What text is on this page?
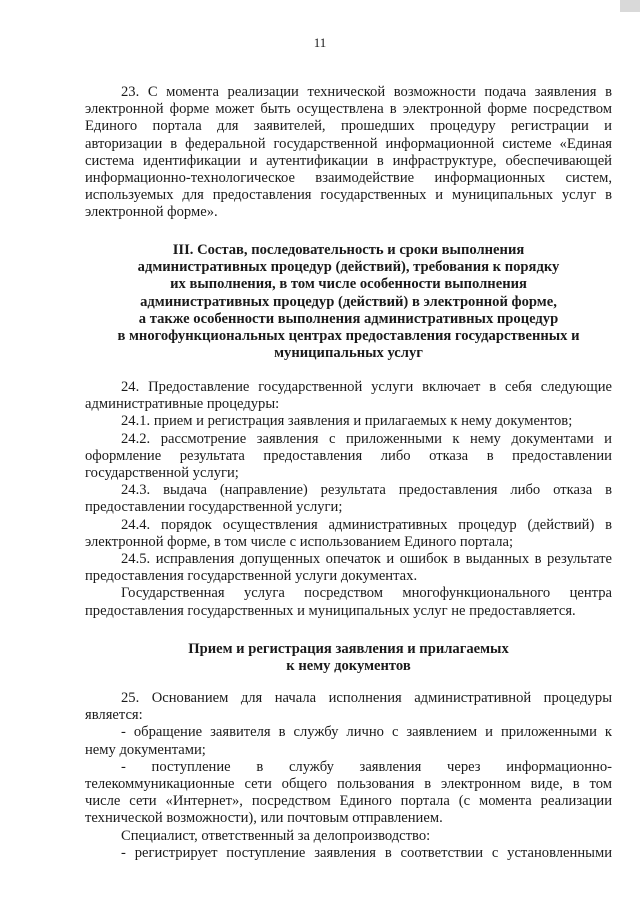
11
23. С момента реализации технической возможности подача заявления в
электронной форме может быть осуществлена в электронной форме посредством
Единого портала для заявителей, прошедших процедуру регистрации и
авторизации в федеральной государственной информационной системе «Единая
система идентификации и аутентификации в инфраструктуре, обеспечивающей
информационно-технологическое взаимодействие информационных систем,
используемых для предоставления государственных и муниципальных услуг в
электронной форме».
III. Состав, последовательность и сроки выполнения
административных процедур (действий), требования к порядку
их выполнения, в том числе особенности выполнения
административных процедур (действий) в электронной форме,
а также особенности выполнения административных процедур
в многофункциональных центрах предоставления государственных и
муниципальных услуг
24. Предоставление государственной услуги включает в себя следующие
административные процедуры:
24.1. прием и регистрация заявления и прилагаемых к нему документов;
24.2. рассмотрение заявления с приложенными к нему документами и
оформление результата предоставления либо отказа в предоставлении
государственной услуги;
24.3. выдача (направление) результата предоставления либо отказа в
предоставлении государственной услуги;
24.4. порядок осуществления административных процедур (действий) в
электронной форме, в том числе с использованием Единого портала;
24.5. исправления допущенных опечаток и ошибок в выданных в результате
предоставления государственной услуги документах.
Государственная услуга посредством многофункционального центра
предоставления государственных и муниципальных услуг не предоставляется.
Прием и регистрация заявления и прилагаемых
к нему документов
25. Основанием для начала исполнения административной процедуры
является:
- обращение заявителя в службу лично с заявлением и приложенными к
нему документами;
- поступление в службу заявления через информационно-
телекоммуникационные сети общего пользования в электронном виде, в том
числе сети «Интернет», посредством Единого портала (с момента реализации
технической возможности), или почтовым отправлением.
Специалист, ответственный за делопроизводство:
- регистрирует поступление заявления в соответствии с установленными
